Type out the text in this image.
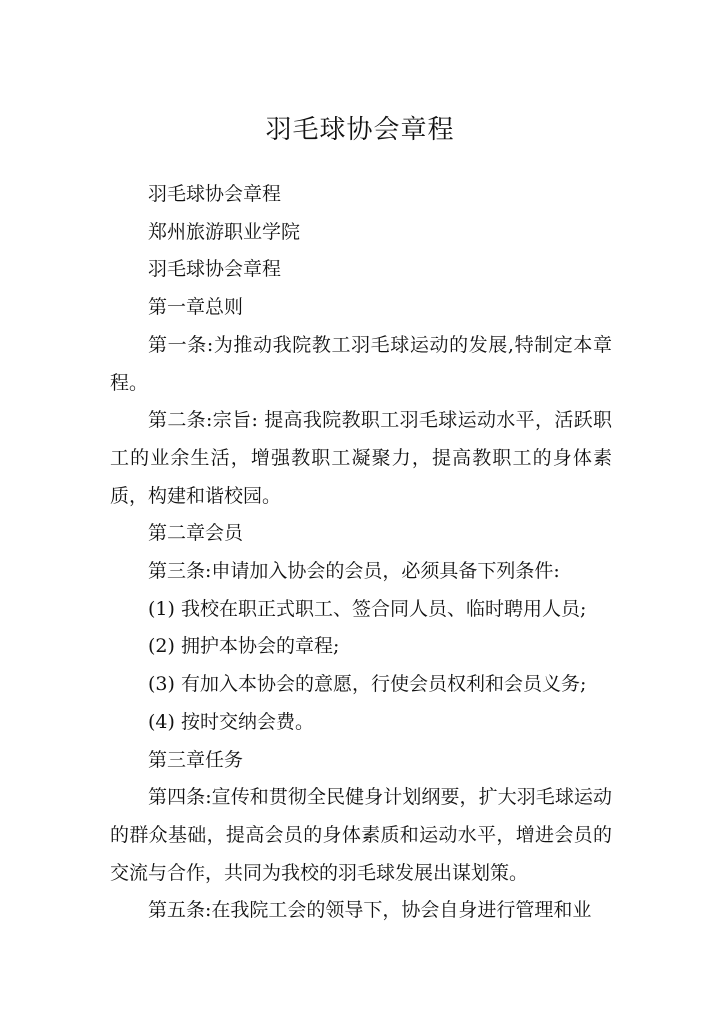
羽毛球协会章程

羽毛球协会章程

郑州旅游职业学院

羽毛球协会章程

第一章总则

第一条:为推动我院教工羽毛球运动的发展,特制定本章程。

第二条:宗旨: 提高我院教职工羽毛球运动水平，活跃职工的业余生活，增强教职工凝聚力，提高教职工的身体素质，构建和谐校园。

第二章会员

第三条:申请加入协会的会员，必须具备下列条件:

(1) 我校在职正式职工、签合同人员、临时聘用人员;

(2) 拥护本协会的章程;

(3) 有加入本协会的意愿，行使会员权利和会员义务;

(4) 按时交纳会费。

第三章任务

第四条:宣传和贯彻全民健身计划纲要，扩大羽毛球运动的群众基础，提高会员的身体素质和运动水平，增进会员的交流与合作，共同为我校的羽毛球发展出谋划策。

第五条:在我院工会的领导下，协会自身进行管理和业
